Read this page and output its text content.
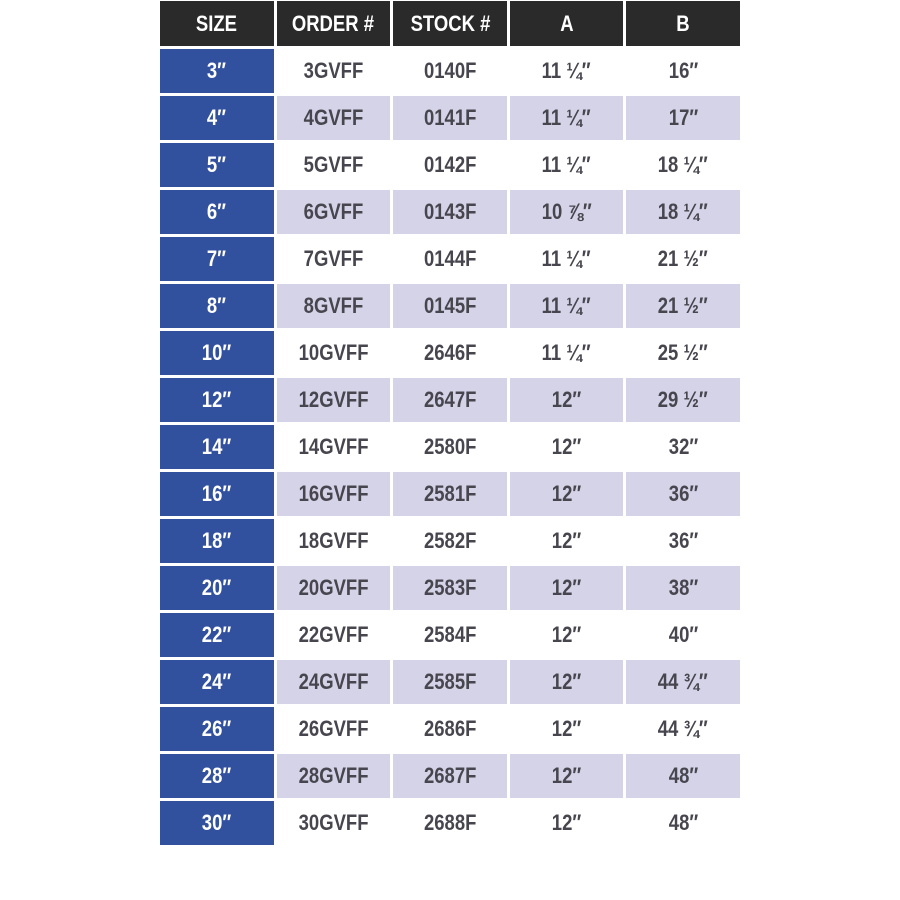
SIZE	ORDER #	STOCK #	A	B
3″	3GVFF	0140F	11 ¼″	16″
4″	4GVFF	0141F	11 ¼″	17″
5″	5GVFF	0142F	11 ¼″	18 ¼″
6″	6GVFF	0143F	10 ⅞″	18 ¼″
7″	7GVFF	0144F	11 ¼″	21 ½″
8″	8GVFF	0145F	11 ¼″	21 ½″
10″	10GVFF	2646F	11 ¼″	25 ½″
12″	12GVFF	2647F	12″	29 ½″
14″	14GVFF	2580F	12″	32″
16″	16GVFF	2581F	12″	36″
18″	18GVFF	2582F	12″	36″
20″	20GVFF	2583F	12″	38″
22″	22GVFF	2584F	12″	40″
24″	24GVFF	2585F	12″	44 ¾″
26″	26GVFF	2686F	12″	44 ¾″
28″	28GVFF	2687F	12″	48″
30″	30GVFF	2688F	12″	48″
